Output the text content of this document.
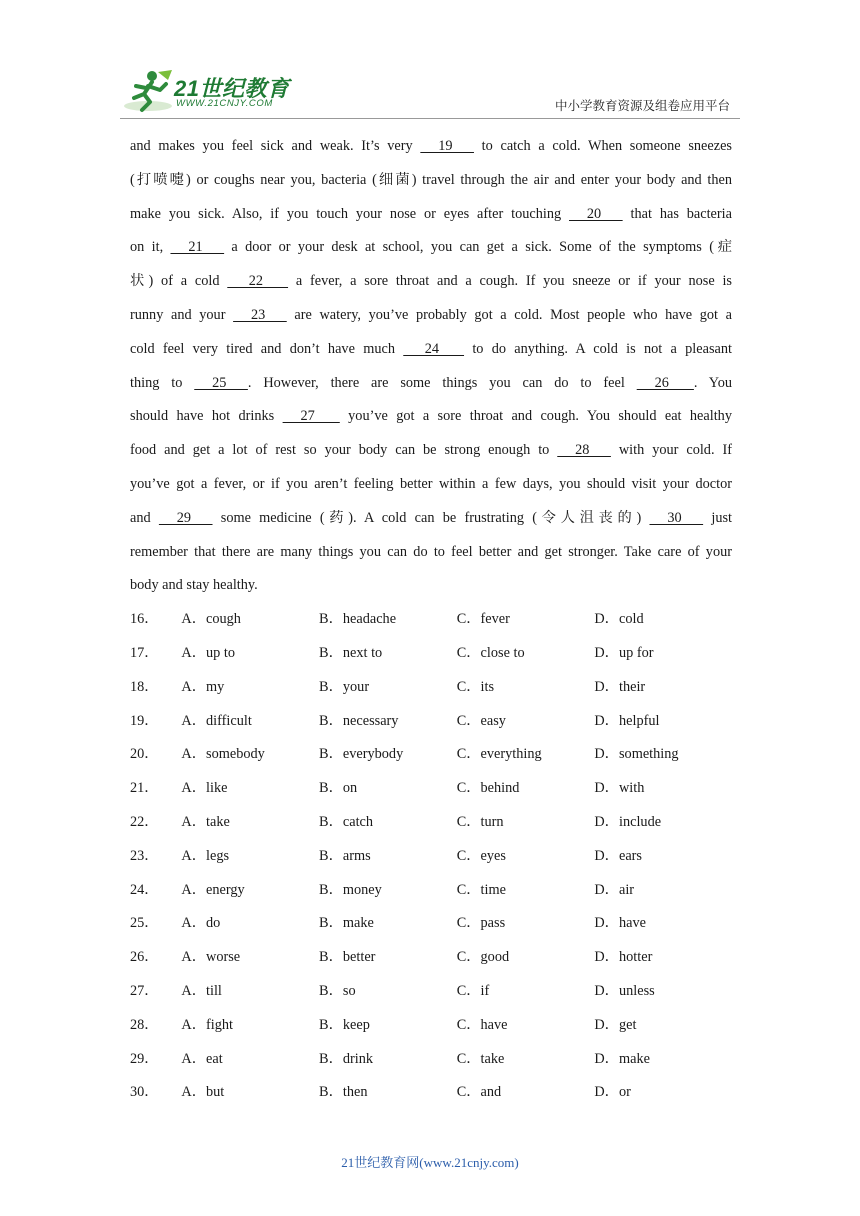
21世纪教育
WWW.21CNJY.COM	中小学教育资源及组卷应用平台

and makes you feel sick and weak. It’s very      19       to catch a cold. When someone sneezes

(打喷嚏) or coughs near you, bacteria (细菌) travel through the air and enter your body and then

make you sick. Also, if you touch your nose or eyes after touching      20       that has bacteria

on it,      21       a door or your desk at school, you can get a sick. Some of the symptoms (症

状) of a cold       22        a fever, a sore throat and a cough. If you sneeze or if your nose is

runny and your      23       are watery, you’ve probably got a cold. Most people who have got a

cold feel very tired and don’t have much       24        to do anything. A cold is not a pleasant

thing to      25      . However, there are some things you can do to feel      26       . You

should have hot drinks      27        you’ve got a sore throat and cough. You should eat healthy

food and get a lot of rest so your body can be strong enough to      28       with your cold. If

you’ve got a fever, or if you aren’t feeling better within a few days, you should visit your doctor

and      29       some medicine (药). A cold can be frustrating (令人沮丧的)      30       just

remember that there are many things you can do to feel better and get stronger. Take care of your

body and stay healthy.

16．	A．cough	B．headache	C．fever	D．cold
17．	A．up to	B．next to	C．close to	D．up for
18．	A．my	B．your	C．its	D．their
19．	A．difficult	B．necessary	C．easy	D．helpful
20．	A．somebody	B．everybody	C．everything	D．something
21．	A．like	B．on	C．behind	D．with
22．	A．take	B．catch	C．turn	D．include
23．	A．legs	B．arms	C．eyes	D．ears
24．	A．energy	B．money	C．time	D．air
25．	A．do	B．make	C．pass	D．have
26．	A．worse	B．better	C．good	D．hotter
27．	A．till	B．so	C．if	D．unless
28．	A．fight	B．keep	C．have	D．get
29．	A．eat	B．drink	C．take	D．make
30．	A．but	B．then	C．and	D．or
21世纪教育网(www.21cnjy.com)
